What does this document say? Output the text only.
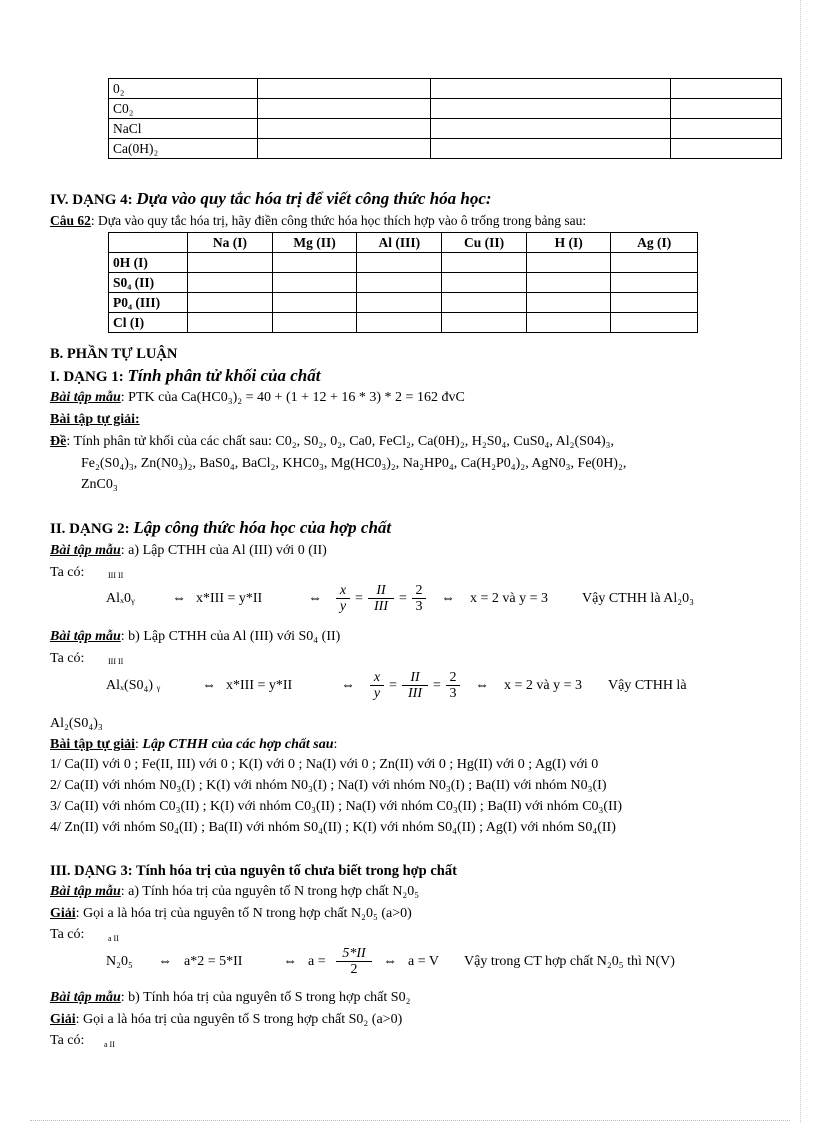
0₂			
C0₂			
NaCl			
Ca(0H)₂			
IV. DẠNG 4: Dựa vào quy tắc hóa trị để viết công thức hóa học:
Câu 62: Dựa vào quy tắc hóa trị, hãy điền công thức hóa học thích hợp vào ô trống trong bảng sau:
	Na (I)	Mg (II)	Al (III)	Cu (II)	H (I)	Ag (I)
0H (I)						
S0₄ (II)						
P0₄ (III)						
Cl (I)						
B. PHẦN TỰ LUẬN
I. DẠNG 1: Tính phân tử khối của chất
Bài tập mẫu: PTK của Ca(HC0₃)₂ = 40 + (1 + 12 + 16 * 3) * 2 = 162 đvC
Bài tập tự giải:
Đề: Tính phân tử khối của các chất sau: C0₂, S0₂, 0₂, Ca0, FeCl₂, Ca(0H)₂, H₂S0₄, CuS0₄, Al₂(S04)₃,
Fe₂(S0₄)₃, Zn(N0₃)₂, BaS0₄, BaCl₂, KHC0₃, Mg(HC0₃)₂, Na₂HP0₄, Ca(H₂P0₄)₂, AgN0₃, Fe(0H)₂,
ZnC0₃
II. DẠNG 2: Lập công thức hóa học của hợp chất
Bài tập mẫu: a) Lập CTHH của Al (III) với 0 (II)
Ta có:	III II
Alₓ0ᵧ	⇔ x*III = y*II	⇔	$\frac{x}{y} = \frac{II}{\text{III}} = \frac{2}{3}$	⇔	x = 2 và y = 3	Vậy CTHH là Al₂0₃
Bài tập mẫu: b) Lập CTHH của Al (III) với S0₄ (II)
Ta có:	III II
Alₓ(S0₄) ᵧ	⇔ x*III = y*II	⇔	$\frac{x}{y} = \frac{II}{\text{III}} = \frac{2}{3}$	⇔	x = 2 và y = 3	Vậy CTHH là
Al₂(S0₄)₃
Bài tập tự giải: Lập CTHH của các hợp chất sau:
1/ Ca(II) với 0 ; Fe(II, III) với 0 ; K(I) với 0 ; Na(I) với 0 ; Zn(II) với 0 ; Hg(II) với 0 ; Ag(I) với 0
2/ Ca(II) với nhóm N0₃(I) ; K(I) với nhóm N0₃(I) ; Na(I) với nhóm N0₃(I) ; Ba(II) với nhóm N0₃(I)
3/ Ca(II) với nhóm C0₃(II) ; K(I) với nhóm C0₃(II) ; Na(I) với nhóm C0₃(II) ; Ba(II) với nhóm C0₃(II)
4/ Zn(II) với nhóm S0₄(II) ; Ba(II) với nhóm S0₄(II) ; K(I) với nhóm S0₄(II) ; Ag(I) với nhóm S0₄(II)
III. DẠNG 3: Tính hóa trị của nguyên tố chưa biết trong hợp chất
Bài tập mẫu: a) Tính hóa trị của nguyên tố N trong hợp chất N₂0₅
Giải: Gọi a là hóa trị của nguyên tố N trong hợp chất N₂0₅ (a>0)
Ta có:	a II
N₂0₅	⇔ a*2 = 5*II	⇔ $a = \frac{5*II}{2}$ ⇔ a = V	Vậy trong CT hợp chất N₂0₅ thì N(V)
Bài tập mẫu: b) Tính hóa trị của nguyên tố S trong hợp chất S0₂
Giải: Gọi a là hóa trị của nguyên tố S trong hợp chất S0₂ (a>0)
Ta có: a II
